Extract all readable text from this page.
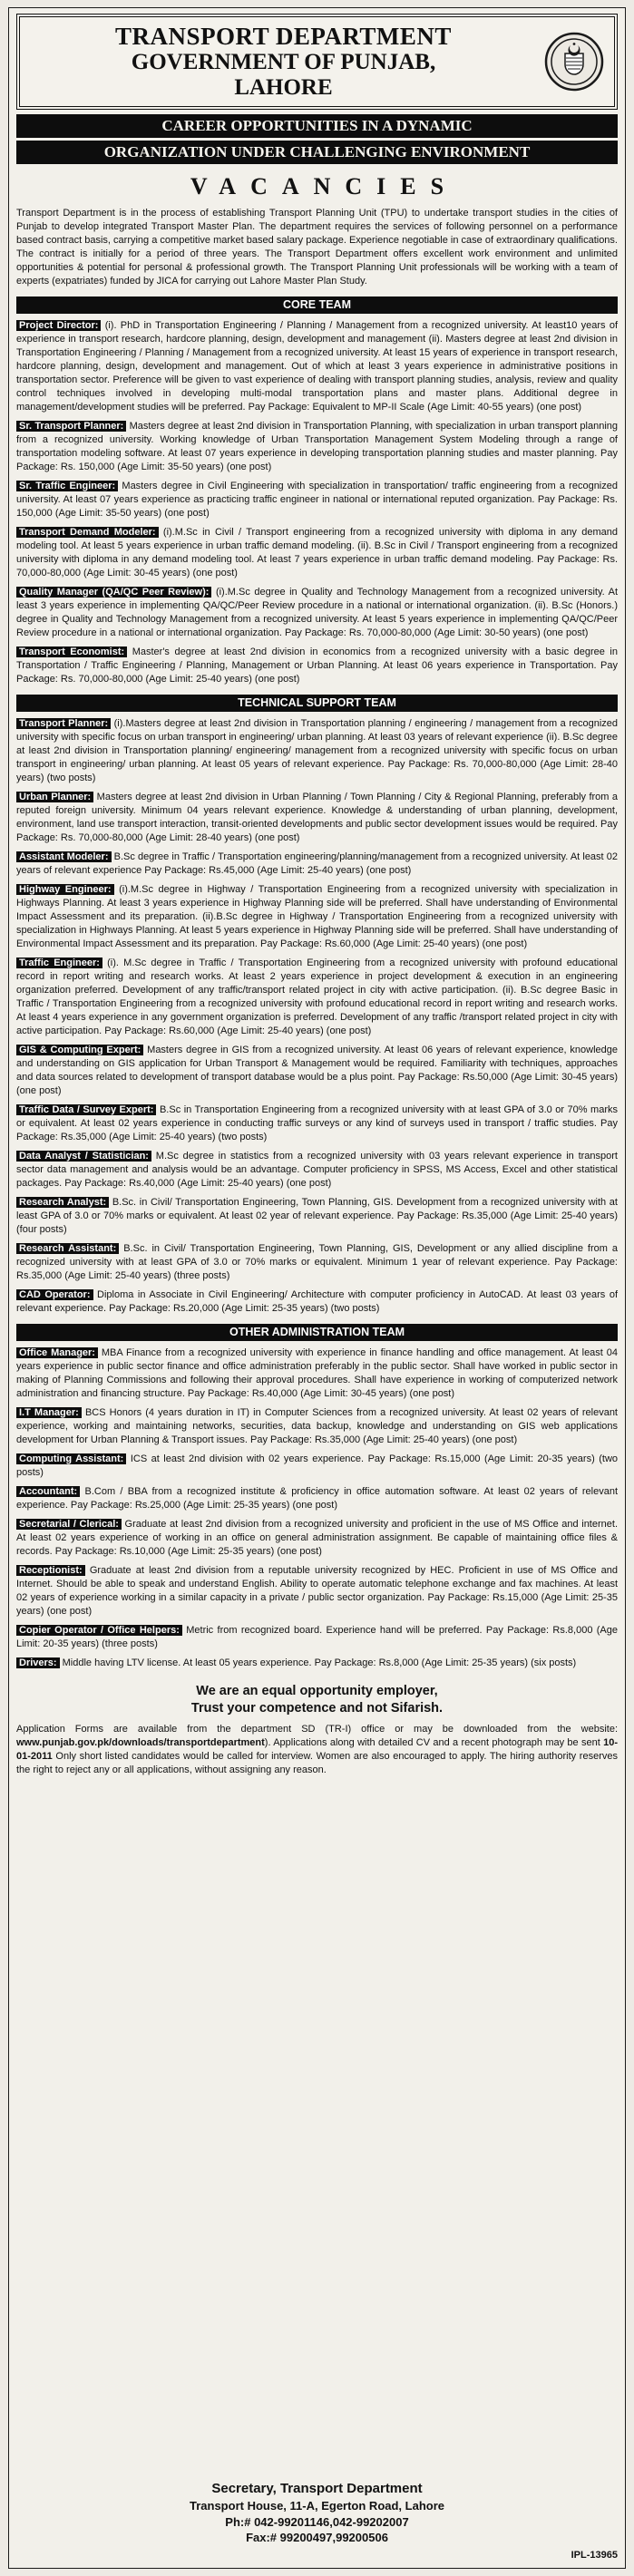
TRANSPORT DEPARTMENT
GOVERNMENT OF PUNJAB,
LAHORE
CAREER OPPORTUNITIES IN A DYNAMIC
ORGANIZATION UNDER CHALLENGING ENVIRONMENT
VACANCIES

Transport Department is in the process of establishing Transport Planning Unit (TPU) to undertake transport studies in the cities of Punjab to develop integrated Transport Master Plan. The department requires the services of following personnel on a performance based contract basis, carrying a competitive market based salary package. Experience negotiable in case of extraordinary qualifications. The contract is initially for a period of three years. The Transport Department offers excellent work environment and unlimited opportunities & potential for personal & professional growth. The Transport Planning Unit professionals will be working with a team of experts (expatriates) funded by JICA for carrying out Lahore Master Plan Study.

CORE TEAM

Project Director: (i). PhD in Transportation Engineering / Planning / Management from a recognized university. At least10 years of experience in transport research, hardcore planning, design, development and management (ii). Masters degree at least 2nd division in Transportation Engineering / Planning / Management from a recognized university. At least 15 years of experience in transport research, hardcore planning, design, development and management. Out of which at least 3 years experience in administrative positions in transportation sector. Preference will be given to vast experience of dealing with transport planning studies, analysis, review and quality control techniques involved in developing multi-modal transportation plans and master plans. Additional degree in management/development studies will be preferred. Pay Package: Equivalent to MP-II Scale (Age Limit: 40-55 years) (one post)

Sr. Transport Planner: Masters degree at least 2nd division in Transportation Planning, with specialization in urban transport planning from a recognized university. Working knowledge of Urban Transportation Management System Modeling through a range of transportation modeling software. At least 07 years experience in developing transportation planning studies and master planning. Pay Package: Rs. 150,000 (Age Limit: 35-50 years) (one post)

Sr. Traffic Engineer: Masters degree in Civil Engineering with specialization in transportation/ traffic engineering from a recognized university. At least 07 years experience as practicing traffic engineer in national or international reputed organization. Pay Package: Rs. 150,000 (Age Limit: 35-50 years) (one post)

Transport Demand Modeler: (i).M.Sc in Civil / Transport engineering from a recognized university with diploma in any demand modeling tool. At least 5 years experience in urban traffic demand modeling. (ii). B.Sc in Civil / Transport engineering from a recognized university with diploma in any demand modeling tool. At least 7 years experience in urban traffic demand modeling. Pay Package: Rs. 70,000-80,000 (Age Limit: 30-45 years) (one post)

Quality Manager (QA/QC Peer Review): (i).M.Sc degree in Quality and Technology Management from a recognized university. At least 3 years experience in implementing QA/QC/Peer Review procedure in a national or international organization. (ii). B.Sc (Honors.) degree in Quality and Technology Management from a recognized university. At least 5 years experience in implementing QA/QC/Peer Review procedure in a national or international organization. Pay Package: Rs. 70,000-80,000 (Age Limit: 30-50 years) (one post)

Transport Economist: Master's degree at least 2nd division in economics from a recognized university with a basic degree in Transportation / Traffic Engineering / Planning, Management or Urban Planning. At least 06 years experience in Transportation. Pay Package: Rs. 70,000-80,000 (Age Limit: 25-40 years) (one post)

TECHNICAL SUPPORT TEAM

Transport Planner: (i).Masters degree at least 2nd division in Transportation planning / engineering / management from a recognized university with specific focus on urban transport in engineering/ urban planning. At least 03 years of relevant experience (ii). B.Sc degree at least 2nd division in Transportation planning/ engineering/ management from a recognized university with specific focus on urban transport in engineering/ urban planning. At least 05 years of relevant experience. Pay Package: Rs. 70,000-80,000 (Age Limit: 28-40 years) (two posts)

Urban Planner: Masters degree at least 2nd division in Urban Planning / Town Planning / City & Regional Planning, preferably from a reputed foreign university. Minimum 04 years relevant experience. Knowledge & understanding of urban planning, development, environment, land use transport interaction, transit-oriented developments and public sector development issues would be required. Pay Package: Rs. 70,000-80,000 (Age Limit: 28-40 years) (one post)

Assistant Modeler: B.Sc degree in Traffic / Transportation engineering/planning/management from a recognized university. At least 02 years of relevant experience Pay Package: Rs.45,000 (Age Limit: 25-40 years) (one post)

Highway Engineer: (i).M.Sc degree in Highway / Transportation Engineering from a recognized university with specialization in Highways Planning. At least 3 years experience in Highway Planning side will be preferred. Shall have understanding of Environmental Impact Assessment and its preparation. (ii).B.Sc degree in Highway / Transportation Engineering from a recognized university with specialization in Highways Planning. At least 5 years experience in Highway Planning side will be preferred. Shall have understanding of Environmental Impact Assessment and its preparation. Pay Package: Rs.60,000 (Age Limit: 25-40 years) (one post)

Traffic Engineer: (i). M.Sc degree in Traffic / Transportation Engineering from a recognized university with profound educational record in report writing and research works. At least 2 years experience in project development & execution in an engineering organization preferred. Development of any traffic/transport related project in city with active participation. (ii). B.Sc degree Basic in Traffic / Transportation Engineering from a recognized university with profound educational record in report writing and research works. At least 4 years experience in any government organization is preferred. Development of any traffic /transport related project in city with active participation. Pay Package: Rs.60,000 (Age Limit: 25-40 years) (one post)

GIS & Computing Expert: Masters degree in GIS from a recognized university. At least 06 years of relevant experience, knowledge and understanding on GIS application for Urban Transport & Management would be required. Familiarity with techniques, approaches and data sources related to development of transport database would be a plus point. Pay Package: Rs.50,000 (Age Limit: 30-45 years) (one post)

Traffic Data / Survey Expert: B.Sc in Transportation Engineering from a recognized university with at least GPA of 3.0 or 70% marks or equivalent. At least 02 years experience in conducting traffic surveys or any kind of surveys used in transport / traffic studies. Pay Package: Rs.35,000 (Age Limit: 25-40 years) (two posts)

Data Analyst / Statistician: M.Sc degree in statistics from a recognized university with 03 years relevant experience in transport sector data management and analysis would be an advantage. Computer proficiency in SPSS, MS Access, Excel and other statistical packages. Pay Package: Rs.40,000 (Age Limit: 25-40 years) (one post)

Research Analyst: B.Sc. in Civil/ Transportation Engineering, Town Planning, GIS. Development from a recognized university with at least GPA of 3.0 or 70% marks or equivalent. At least 02 year of relevant experience. Pay Package: Rs.35,000 (Age Limit: 25-40 years) (four posts)

Research Assistant: B.Sc. in Civil/ Transportation Engineering, Town Planning, GIS, Development or any allied discipline from a recognized university with at least GPA of 3.0 or 70% marks or equivalent. Minimum 1 year of relevant experience. Pay Package: Rs.35,000 (Age Limit: 25-40 years) (three posts)

CAD Operator: Diploma in Associate in Civil Engineering/ Architecture with computer proficiency in AutoCAD. At least 03 years of relevant experience. Pay Package: Rs.20,000 (Age Limit: 25-35 years) (two posts)

OTHER ADMINISTRATION TEAM

Office Manager: MBA Finance from a recognized university with experience in finance handling and office management. At least 04 years experience in public sector finance and office administration preferably in the public sector. Shall have worked in public sector in making of Planning Commissions and following their approval procedures. Shall have experience in working of computerized network administration and financing structure. Pay Package: Rs.40,000 (Age Limit: 30-45 years) (one post)

I.T Manager: BCS Honors (4 years duration in IT) in Computer Sciences from a recognized university. At least 02 years of relevant experience, working and maintaining networks, securities, data backup, knowledge and understanding on GIS web applications development for Urban Planning & Transport issues. Pay Package: Rs.35,000 (Age Limit: 25-40 years) (one post)

Computing Assistant: ICS at least 2nd division with 02 years experience. Pay Package: Rs.15,000 (Age Limit: 20-35 years) (two posts)

Accountant: B.Com / BBA from a recognized institute & proficiency in office automation software. At least 02 years of relevant experience. Pay Package: Rs.25,000 (Age Limit: 25-35 years) (one post)

Secretarial / Clerical: Graduate at least 2nd division from a recognized university and proficient in the use of MS Office and internet. At least 02 years experience of working in an office on general administration assignment. Be capable of maintaining office files & records. Pay Package: Rs.10,000 (Age Limit: 25-35 years) (one post)

Receptionist: Graduate at least 2nd division from a reputable university recognized by HEC. Proficient in use of MS Office and Internet. Should be able to speak and understand English. Ability to operate automatic telephone exchange and fax machines. At least 02 years of experience working in a similar capacity in a private / public sector organization. Pay Package: Rs.15,000 (Age Limit: 25-35 years) (one post)

Copier Operator / Office Helpers: Metric from recognized board. Experience hand will be preferred. Pay Package: Rs.8,000 (Age Limit: 20-35 years) (three posts)

Drivers: Middle having LTV license. At least 05 years experience. Pay Package: Rs.8,000 (Age Limit: 25-35 years) (six posts)

We are an equal opportunity employer,
Trust your competence and not Sifarish.

Application Forms are available from the department SD (TR-I) office or may be downloaded from the website: www.punjab.gov.pk/downloads/transportdepartment). Applications along with detailed CV and a recent photograph may be sent 10-01-2011 Only short listed candidates would be called for interview. Women are also encouraged to apply. The hiring authority reserves the right to reject any or all applications, without assigning any reason.

Secretary, Transport Department
Transport House, 11-A, Egerton Road, Lahore
Ph:# 042-99201146,042-99202007
Fax:# 99200497,99200506
IPL-13965
